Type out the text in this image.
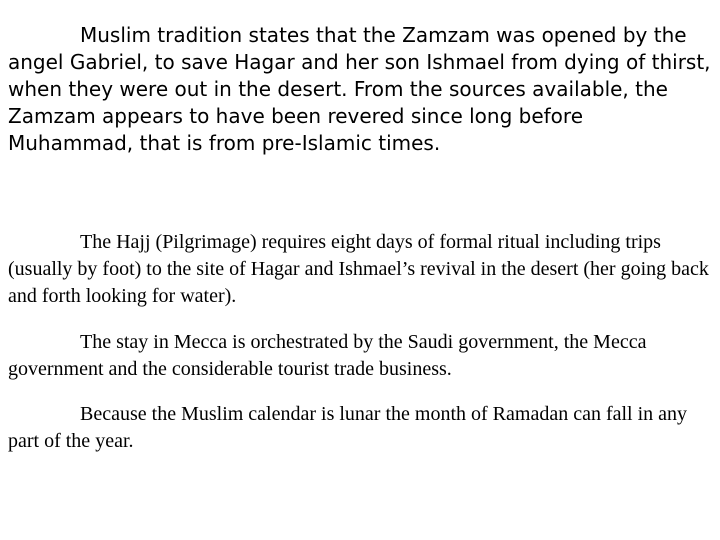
Muslim tradition states that the Zamzam was opened by the angel Gabriel, to save Hagar and her son Ishmael from dying of thirst, when they were out in the desert. From the sources available, the Zamzam appears to have been revered since long before Muhammad, that is from pre-Islamic times.

The Hajj (Pilgrimage) requires eight days of formal ritual including trips (usually by foot) to the site of Hagar and Ishmael’s revival in the desert (her going back and forth looking for water).

The stay in Mecca is orchestrated by the Saudi government, the Mecca government and the considerable tourist trade business.

Because the Muslim calendar is lunar the month of Ramadan can fall in any part of the year.
